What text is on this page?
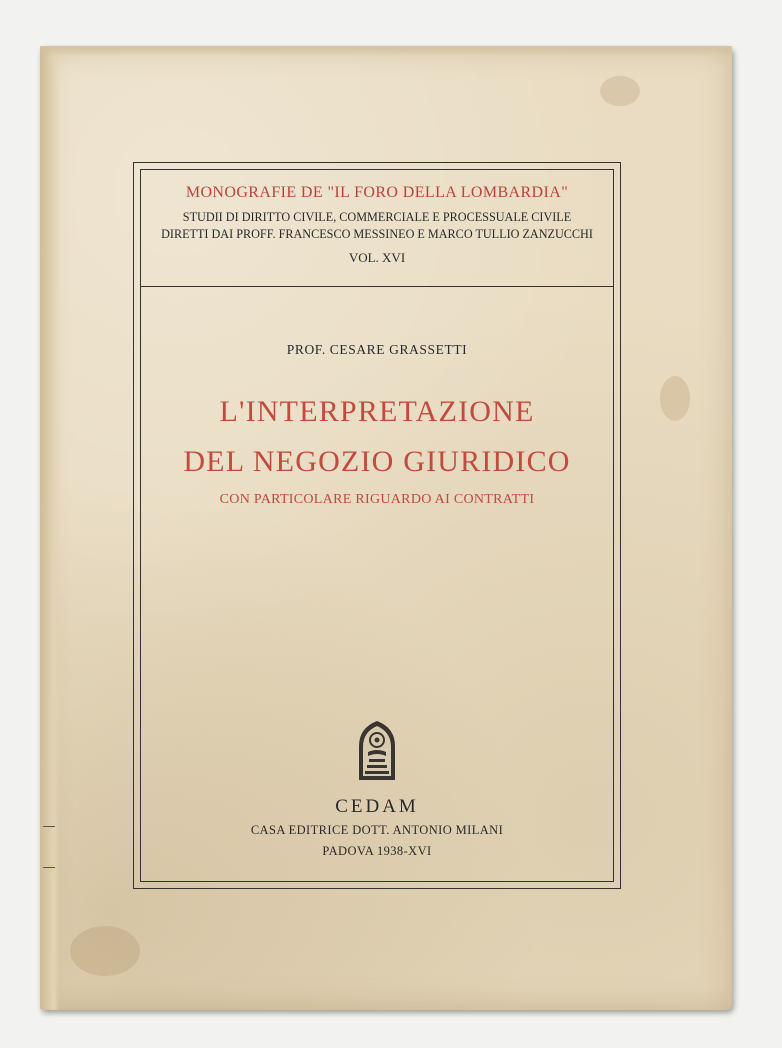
MONOGRAFIE DE "IL FORO DELLA LOMBARDIA"
STUDII DI DIRITTO CIVILE, COMMERCIALE E PROCESSUALE CIVILE
DIRETTI DAI PROFF. FRANCESCO MESSINEO E MARCO TULLIO ZANZUCCHI
VOL. XVI
PROF. CESARE GRASSETTI
L'INTERPRETAZIONE
DEL NEGOZIO GIURIDICO
CON PARTICOLARE RIGUARDO AI CONTRATTI
CEDAM
CASA EDITRICE DOTT. ANTONIO MILANI
PADOVA 1938-XVI
